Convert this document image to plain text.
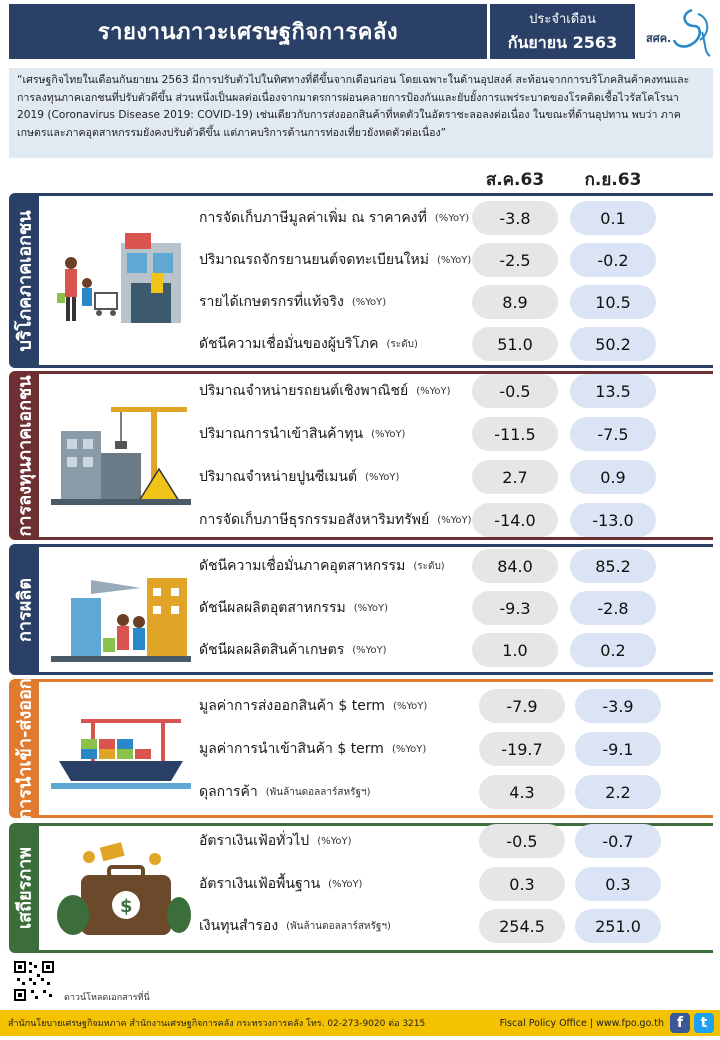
รายงานภาวะเศรษฐกิจการคลัง
ประจำเดือน
กันยายน 2563	สศค.
“เศรษฐกิจไทยในเดือนกันยายน 2563 มีการปรับตัวไปในทิศทางที่ดีขึ้นจากเดือนก่อน โดยเฉพาะในด้านอุปสงค์ สะท้อนจากการบริโภคสินค้าคงทนและการลงทุนภาคเอกชนที่ปรับตัวดีขึ้น ส่วนหนึ่งเป็นผลต่อเนื่องจากมาตรการผ่อนคลายการป้องกันและยับยั้งการแพร่ระบาดของโรคติดเชื้อไวรัสโคโรนา 2019 (Coronavirus Disease 2019: COVID-19) เช่นเดียวกับการส่งออกสินค้าที่หดตัวในอัตราชะลอลงต่อเนื่อง ในขณะที่ด้านอุปทาน พบว่า ภาคเกษตรและภาคอุตสาหกรรมยังคงปรับตัวดีขึ้น แต่ภาคบริการด้านการท่องเที่ยวยังหดตัวต่อเนื่อง”
ส.ค.63	ก.ย.63
บริโภคภาคเอกชน	การจัดเก็บภาษีมูลค่าเพิ่ม ณ ราคาคงที่ (%YoY)	-3.8	0.1
ปริมาณรถจักรยานยนต์จดทะเบียนใหม่ (%YoY)	-2.5	-0.2
รายได้เกษตรกรที่แท้จริง (%YoY)	8.9	10.5
ดัชนีความเชื่อมั่นของผู้บริโภค (ระดับ)	51.0	50.2
การลงทุนภาคเอกชน	ปริมาณจำหน่ายรถยนต์เชิงพาณิชย์ (%YoY)	-0.5	13.5
ปริมาณการนำเข้าสินค้าทุน (%YoY)	-11.5	-7.5
ปริมาณจำหน่ายปูนซีเมนต์ (%YoY)	2.7	0.9
การจัดเก็บภาษีธุรกรรมอสังหาริมทรัพย์ (%YoY)	-14.0	-13.0
การผลิต
ดัชนีความเชื่อมั่นภาคอุตสาหกรรม (ระดับ)	84.0	85.2
ดัชนีผลผลิตอุตสาหกรรม (%YoY)	-9.3	-2.8
ดัชนีผลผลิตสินค้าเกษตร (%YoY)	1.0	0.2
การนำเข้า-ส่งออก	มูลค่าการส่งออกสินค้า $ term (%YoY)	-7.9	-3.9
มูลค่าการนำเข้าสินค้า $ term (%YoY)	-19.7	-9.1
ดุลการค้า (พันล้านดอลลาร์สหรัฐฯ)	4.3	2.2
เสถียรภาพ	$
อัตราเงินเฟ้อทั่วไป (%YoY)	-0.5	-0.7
อัตราเงินเฟ้อพื้นฐาน (%YoY)	0.3	0.3
เงินทุนสำรอง (พันล้านดอลลาร์สหรัฐฯ)	254.5	251.0
ดาวน์โหลดเอกสารที่นี่
สำนักนโยบายเศรษฐกิจมหภาค สำนักงานเศรษฐกิจการคลัง กระทรวงการคลัง โทร. 02-273-9020 ต่อ 3215	Fiscal Policy Office | www.fpo.go.th f	t
